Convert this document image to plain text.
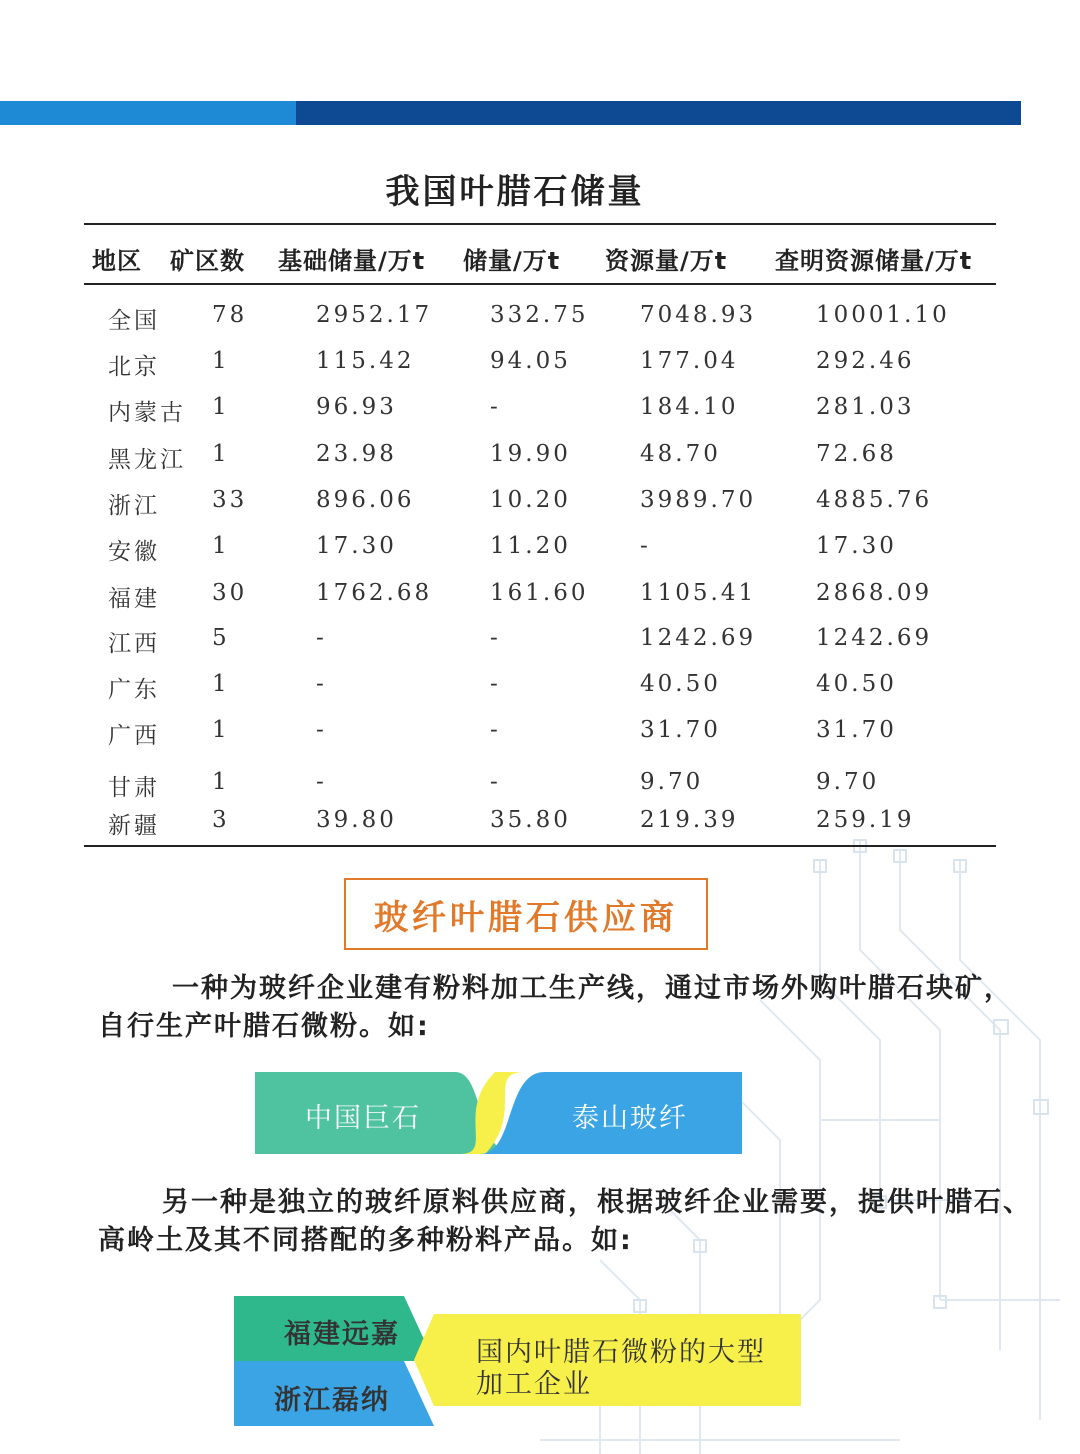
我国叶腊石储量
地区 矿区数 基础储量/万t 储量/万t 资源量/万t 查明资源储量/万t
全国 78	2952.17	332.75 7048.93	10001.10
北京 1	115.42	94.05	177.04	292.46
内蒙古 1	96.93	-	184.10	281.03
黑龙江 1	23.98	19.90	48.70	72.68
浙江 33	896.06	10.20	3989.70	4885.76
安徽 1	17.30	11.20	-	17.30
福建 30	1762.68	161.60 1105.41	2868.09
江西 5	-	-	1242.69	1242.69
广东 1	-	-	40.50	40.50
广西 1	-	-	31.70	31.70
甘肃 1	-	-	9.70	9.70
新疆 3	39.80	35.80	219.39	259.19
玻纤叶腊石供应商
一种为玻纤企业建有粉料加工生产线，通过市场外购叶腊石块矿，自行生产叶腊石微粉。如:
中国巨石	泰山玻纤
另一种是独立的玻纤原料供应商，根据玻纤企业需要，提供叶腊石、高岭土及其不同搭配的多种粉料产品。如:
福建远嘉
浙江磊纳
国内叶腊石微粉的大型
加工企业
